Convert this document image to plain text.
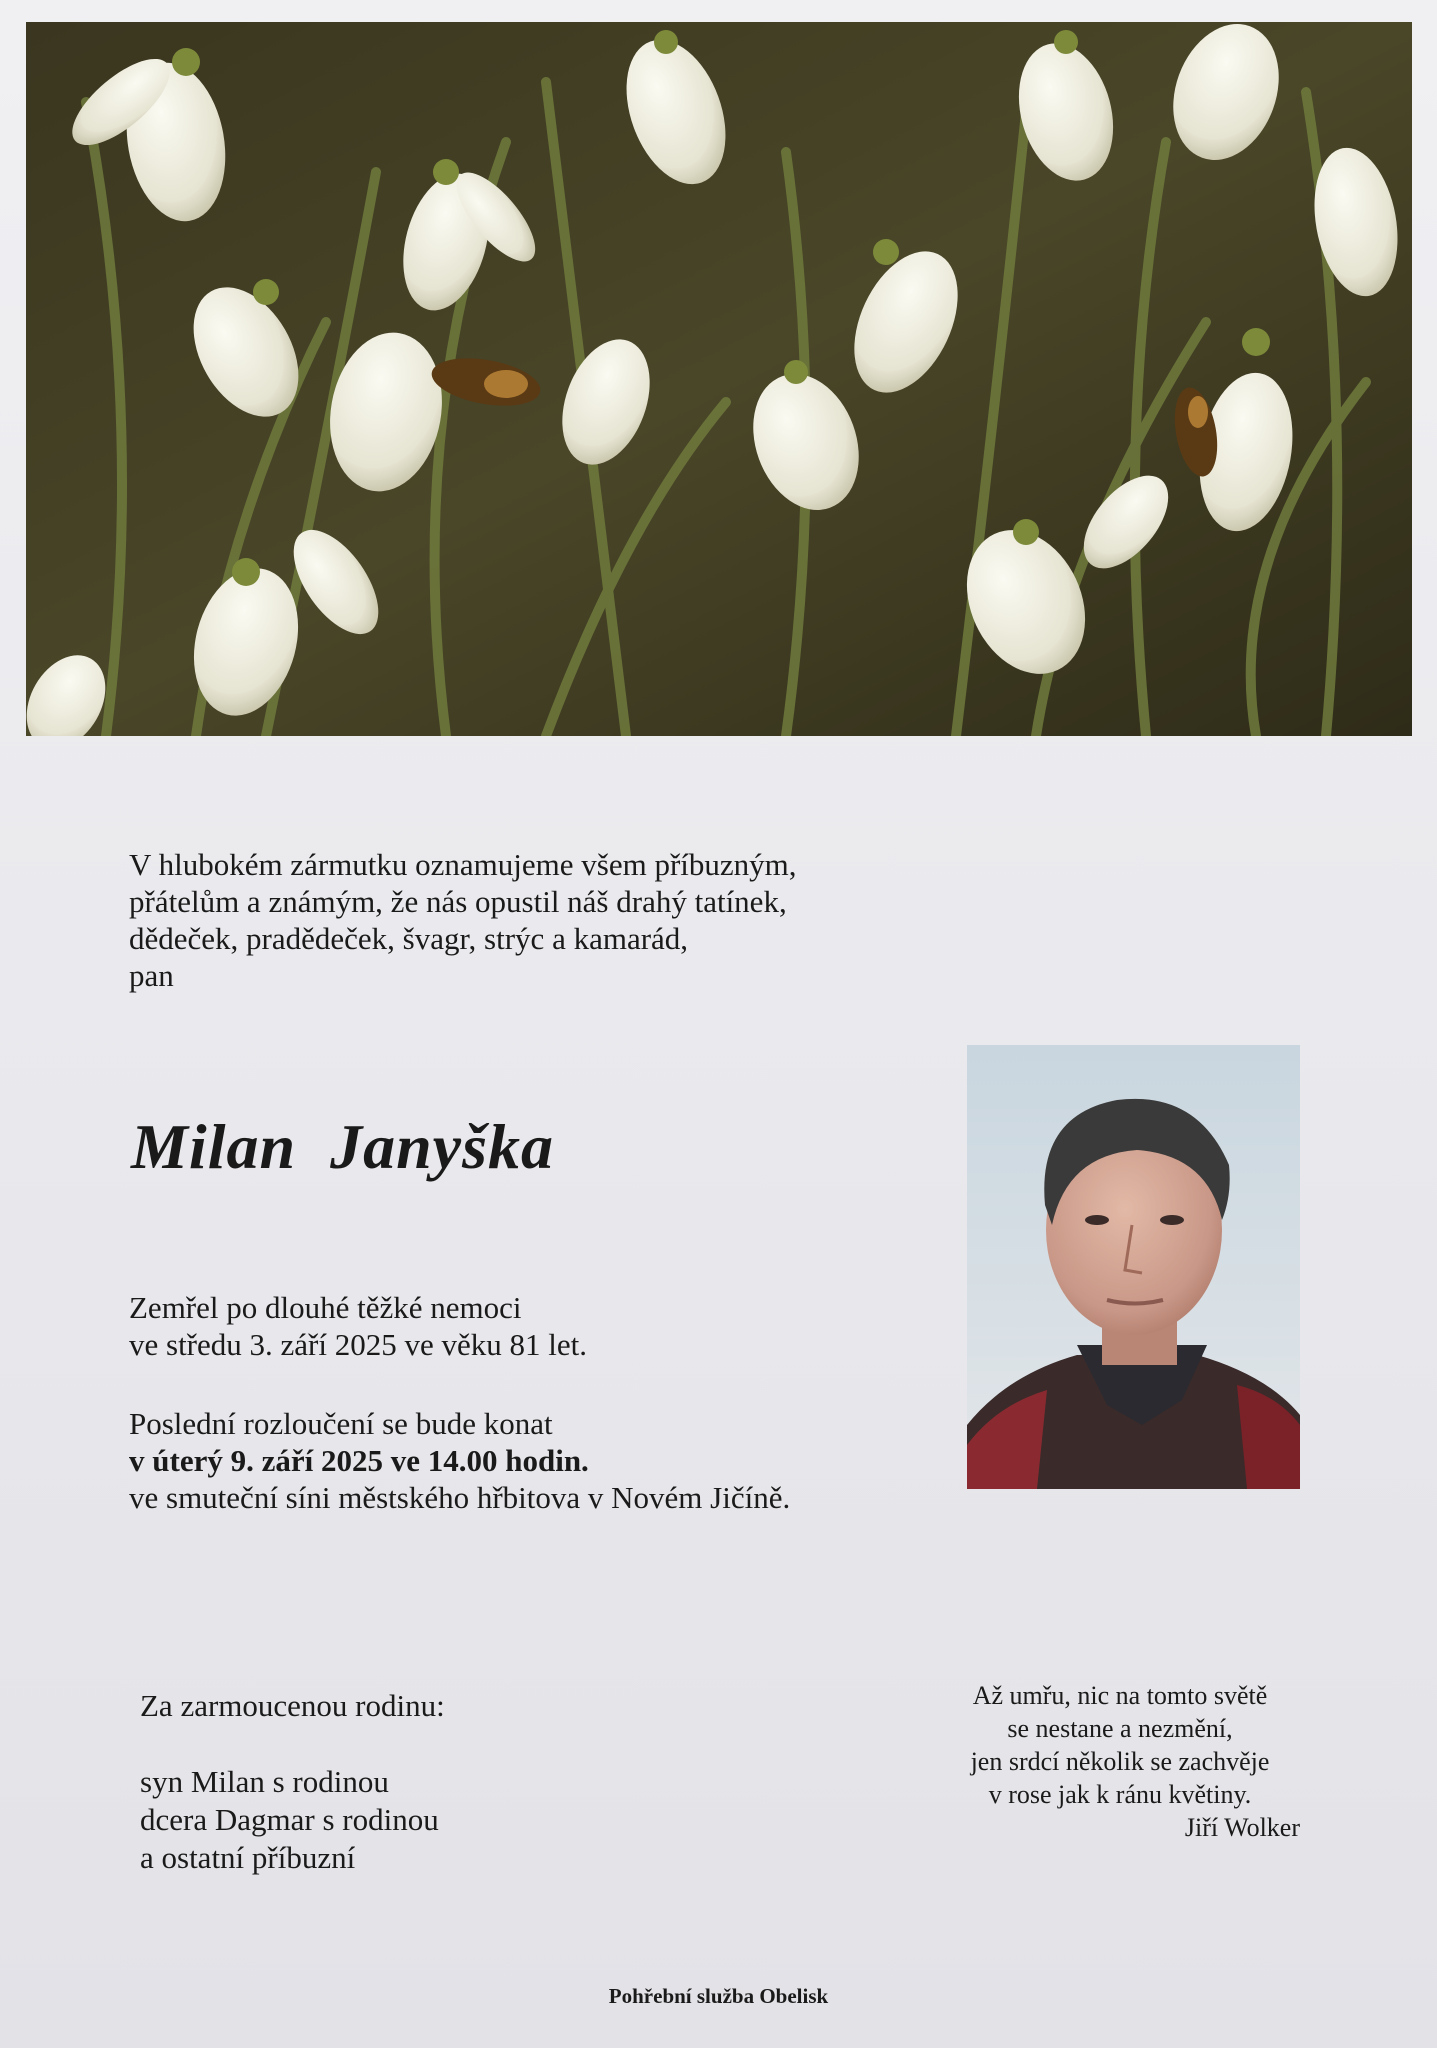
V hlubokém zármutku oznamujeme všem příbuzným,
přátelům a známým, že nás opustil náš drahý tatínek,
dědeček, pradědeček, švagr, strýc a kamarád,
pan
Milan  Janyška
Zemřel po dlouhé těžké nemoci
ve středu 3. září 2025 ve věku 81 let.
Poslední rozloučení se bude konat
v úterý 9. září 2025 ve 14.00 hodin.
ve smuteční síni městského hřbitova v Novém Jičíně.
Za zarmoucenou rodinu:
syn Milan s rodinou
dcera Dagmar s rodinou
a ostatní příbuzní
Až umřu, nic na tomto světě
se nestane a nezmění,
jen srdcí několik se zachvěje
v rose jak k ránu květiny.
Jiří Wolker
Pohřební služba Obelisk
